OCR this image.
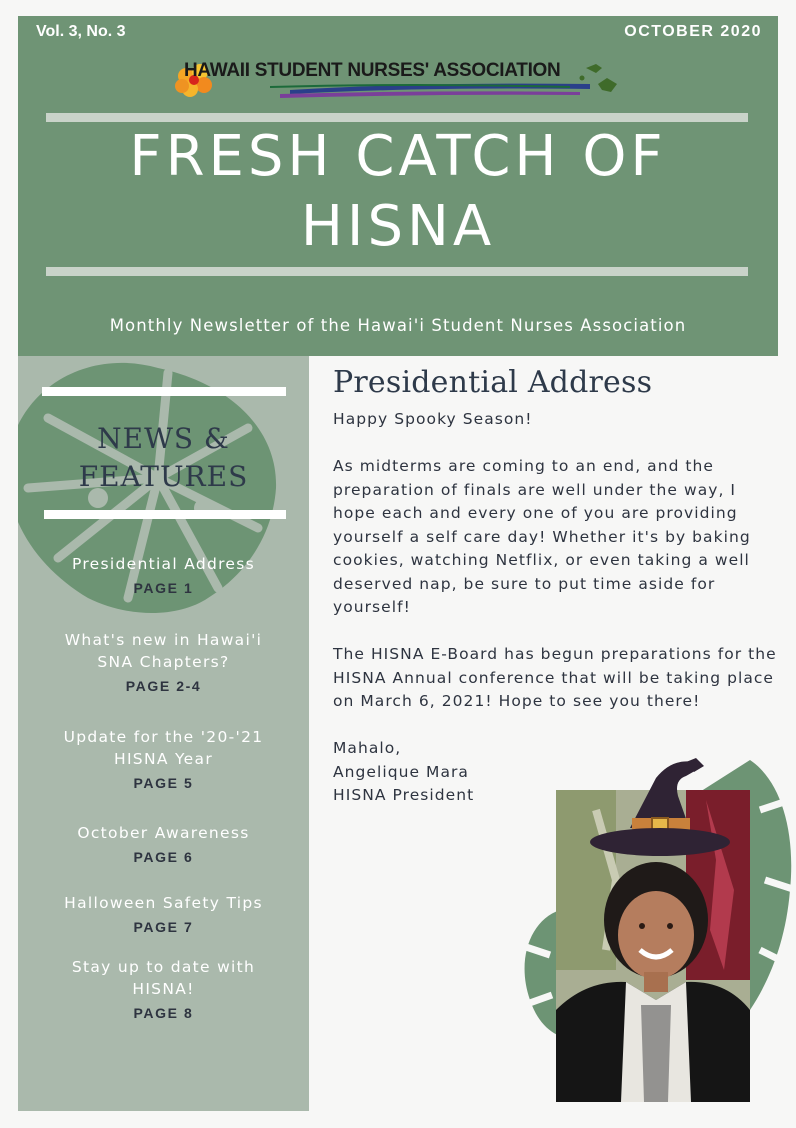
Vol. 3, No. 3	OCTOBER 2020
HAWAII STUDENT NURSES' ASSOCIATION
FRESH CATCH OF
HISNA
Monthly Newsletter of the Hawai'i Student Nurses Association
NEWS &
FEATURES
Presidential Address
PAGE 1
What's new in Hawai'i SNA Chapters?
PAGE 2-4
Update for the '20-'21 HISNA Year
PAGE 5
October Awareness
PAGE 6
Halloween Safety Tips
PAGE 7
Stay up to date with HISNA!
PAGE 8
Presidential Address
Happy Spooky Season!
As midterms are coming to an end, and the preparation of finals are well under the way, I hope each and every one of you are providing yourself a self care day! Whether it's by baking cookies, watching Netflix, or even taking a well deserved nap, be sure to put time aside for yourself!
The HISNA E-Board has begun preparations for the HISNA Annual conference that will be taking place on March 6, 2021! Hope to see you there!
Mahalo,
Angelique Mara
HISNA President
